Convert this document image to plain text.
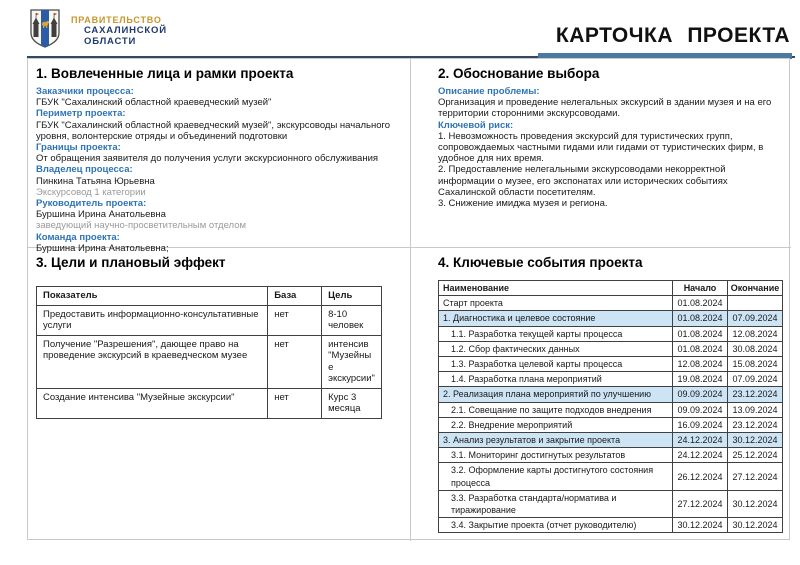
ПРАВИТЕЛЬСТВО
САХАЛИНСКОЙ
ОБЛАСТИ	КАРТОЧКА ПРОЕКТА
1. Вовлеченные лица и рамки проекта
Заказчики процесса:
ГБУК "Сахалинский областной краеведческий музей"
Периметр проекта:
ГБУК "Сахалинский областной краеведческий музей", экскурсоводы начального уровня, волонтерские отряды и объединений подготовки
Границы проекта:
От обращения заявителя до получения услуги экскурсионного обслуживания
Владелец процесса:
Пинкина Татьяна Юрьевна
Экскурсовод 1 категории
Руководитель проекта:
Буршина Ирина Анатольевна
заведующий научно-просветительным отделом
Команда проекта:
Буршина Ирина Анатольевна;
2. Обоснование выбора
Описание проблемы:
Организация и проведение нелегальных экскурсий в здании музея и на его территории сторонними экскурсоводами.
Ключевой риск:
1. Невозможность проведения экскурсий для туристических групп, сопровождаемых частными гидами или гидами от туристических фирм, в удобное для них время.
2. Предоставление нелегальными экскурсоводами некорректной информации о музее, его экспонатах или исторических событиях Сахалинской области посетителям.
3. Снижение имиджа музея и региона.
3. Цели и плановый эффект
Показатель	База	Цель
Предоставить информационно-консультативные услуги	нет	8-10 человек
Получение "Разрешения", дающее право на проведение экскурсий в краеведческом музее	нет	интенсив "Музейные экскурсии"
Создание интенсива "Музейные экскурсии"	нет	Курс 3 месяца
4. Ключевые события проекта
Наименование	Начало	Окончание
Старт проекта	01.08.2024	
1. Диагностика и целевое состояние	01.08.2024	07.09.2024
1.1. Разработка текущей карты процесса	01.08.2024	12.08.2024
1.2. Сбор фактических данных	01.08.2024	30.08.2024
1.3. Разработка целевой карты процесса	12.08.2024	15.08.2024
1.4. Разработка плана мероприятий	19.08.2024	07.09.2024
2. Реализация плана мероприятий по улучшению	09.09.2024	23.12.2024
2.1. Совещание по защите подходов внедрения	09.09.2024	13.09.2024
2.2. Внедрение мероприятий	16.09.2024	23.12.2024
3. Анализ результатов и закрытие проекта	24.12.2024	30.12.2024
3.1. Мониторинг достигнутых результатов	24.12.2024	25.12.2024
3.2. Оформление карты достигнутого состояния процесса	26.12.2024	27.12.2024
3.3. Разработка стандарта/норматива и тиражирование	27.12.2024	30.12.2024
3.4. Закрытие проекта (отчет руководителю)	30.12.2024	30.12.2024
